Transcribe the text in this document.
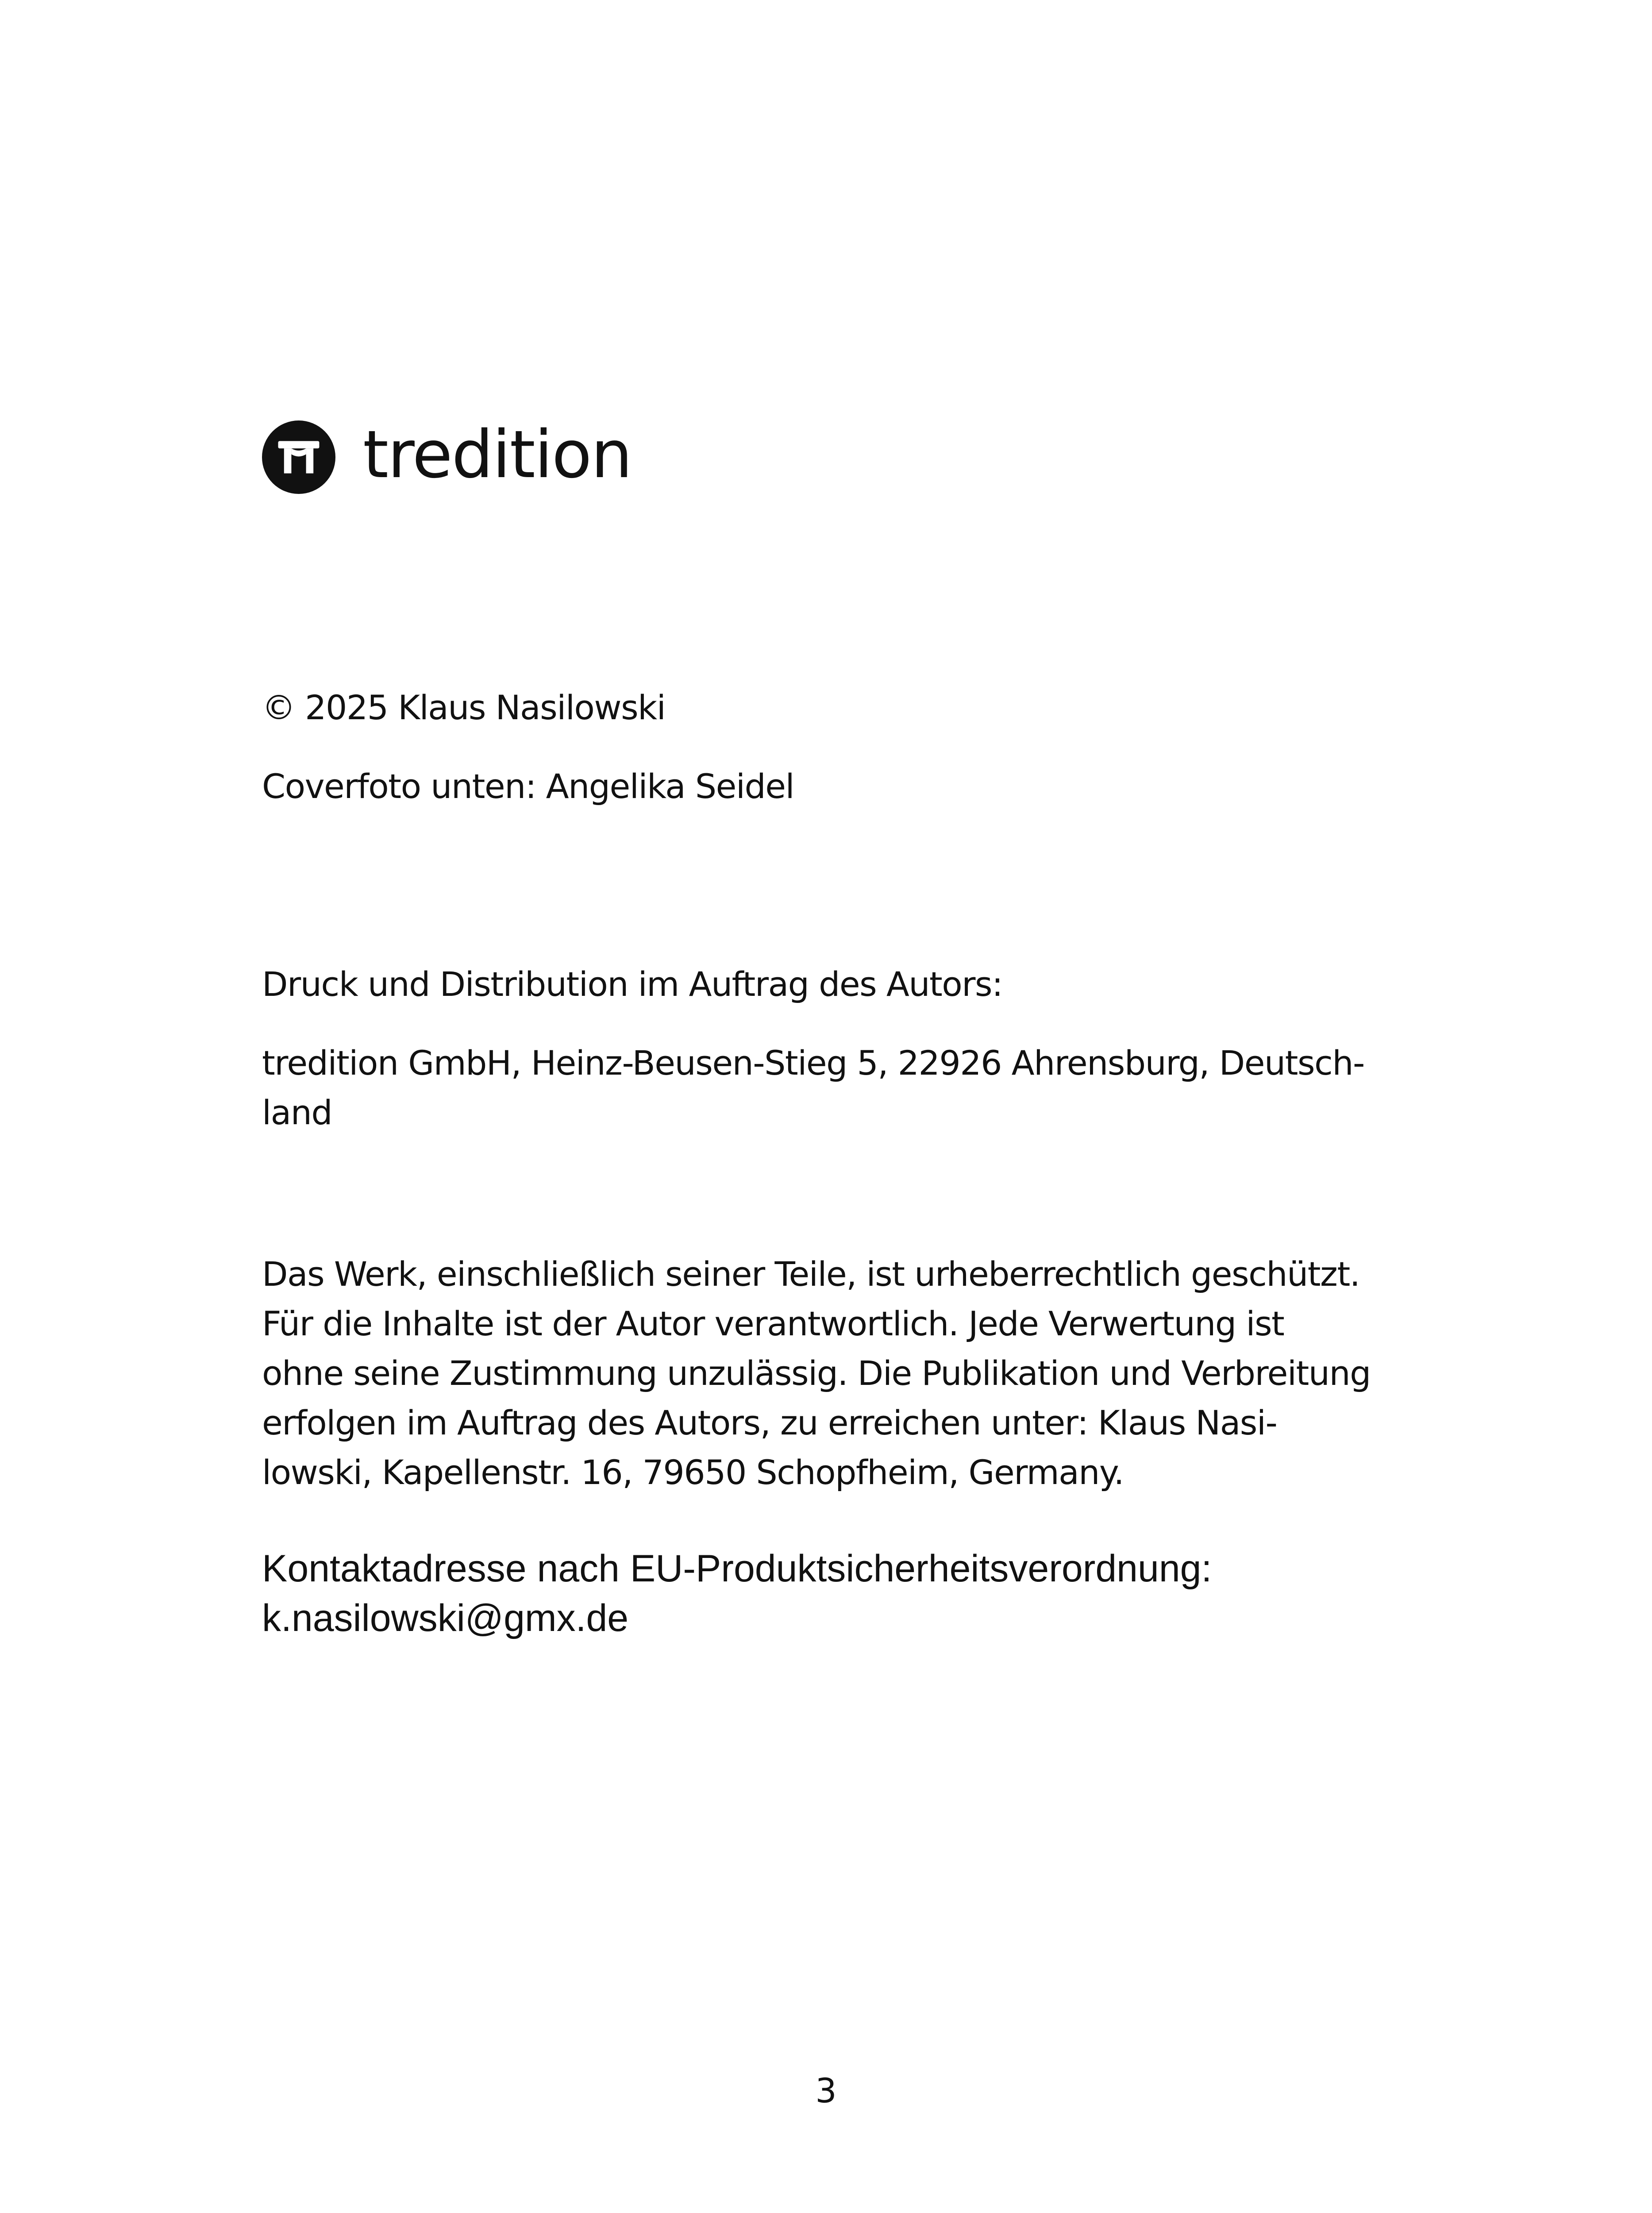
tredition
© 2025 Klaus Nasilowski
Coverfoto unten: Angelika Seidel
Druck und Distribution im Auftrag des Autors:
tredition GmbH, Heinz-Beusen-Stieg 5, 22926 Ahrensburg, Deutsch-
land
Das Werk, einschließlich seiner Teile, ist urheberrechtlich geschützt.
Für die Inhalte ist der Autor verantwortlich. Jede Verwertung ist
ohne seine Zustimmung unzulässig. Die Publikation und Verbreitung
erfolgen im Auftrag des Autors, zu erreichen unter: Klaus Nasi-
lowski, Kapellenstr. 16, 79650 Schopfheim, Germany.
Kontaktadresse nach EU-Produktsicherheitsverordnung:
k.nasilowski@gmx.de
3
